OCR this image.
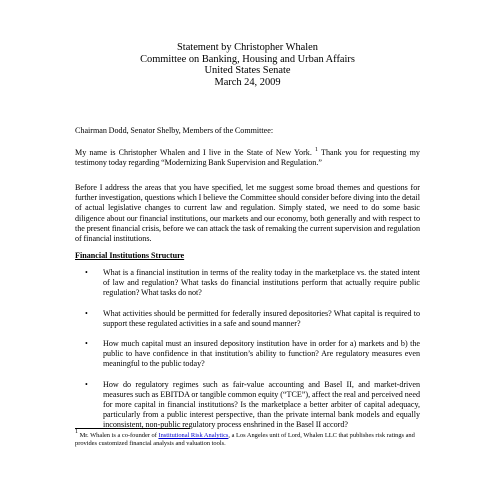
Statement by Christopher Whalen
Committee on Banking, Housing and Urban Affairs
United States Senate
March 24, 2009
Chairman Dodd, Senator Shelby, Members of the Committee:
My name is Christopher Whalen and I live in the State of New York. $^1$ Thank you for requesting my testimony today regarding “Modernizing Bank Supervision and Regulation.”
Before I address the areas that you have specified, let me suggest some broad themes and questions for further investigation, questions which I believe the Committee should consider before diving into the detail of actual legislative changes to current law and regulation. Simply stated, we need to do some basic diligence about our financial institutions, our markets and our economy, both generally and with respect to the present financial crisis, before we can attack the task of remaking the current supervision and regulation of financial institutions.
Financial Institutions Structure
• What is a financial institution in terms of the reality today in the marketplace vs. the stated intent of law and regulation? What tasks do financial institutions perform that actually require public regulation? What tasks do not?
• What activities should be permitted for federally insured depositories? What capital is required to support these regulated activities in a safe and sound manner?
• How much capital must an insured depository institution have in order for a) markets and b) the public to have confidence in that institution’s ability to function? Are regulatory measures even meaningful to the public today?
• How do regulatory regimes such as fair-value accounting and Basel II, and market-driven measures such as EBITDA or tangible common equity (“TCE”), affect the real and perceived need for more capital in financial institutions? Is the marketplace a better arbiter of capital adequacy, particularly from a public interest perspective, than the private internal bank models and equally inconsistent, non-public regulatory process enshrined in the Basel II accord?
$^1$ Mr. Whalen is a co-founder of Institutional Risk Analytics, a Los Angeles unit of Lord, Whalen LLC that publishes risk ratings and provides customized financial analysis and valuation tools.
